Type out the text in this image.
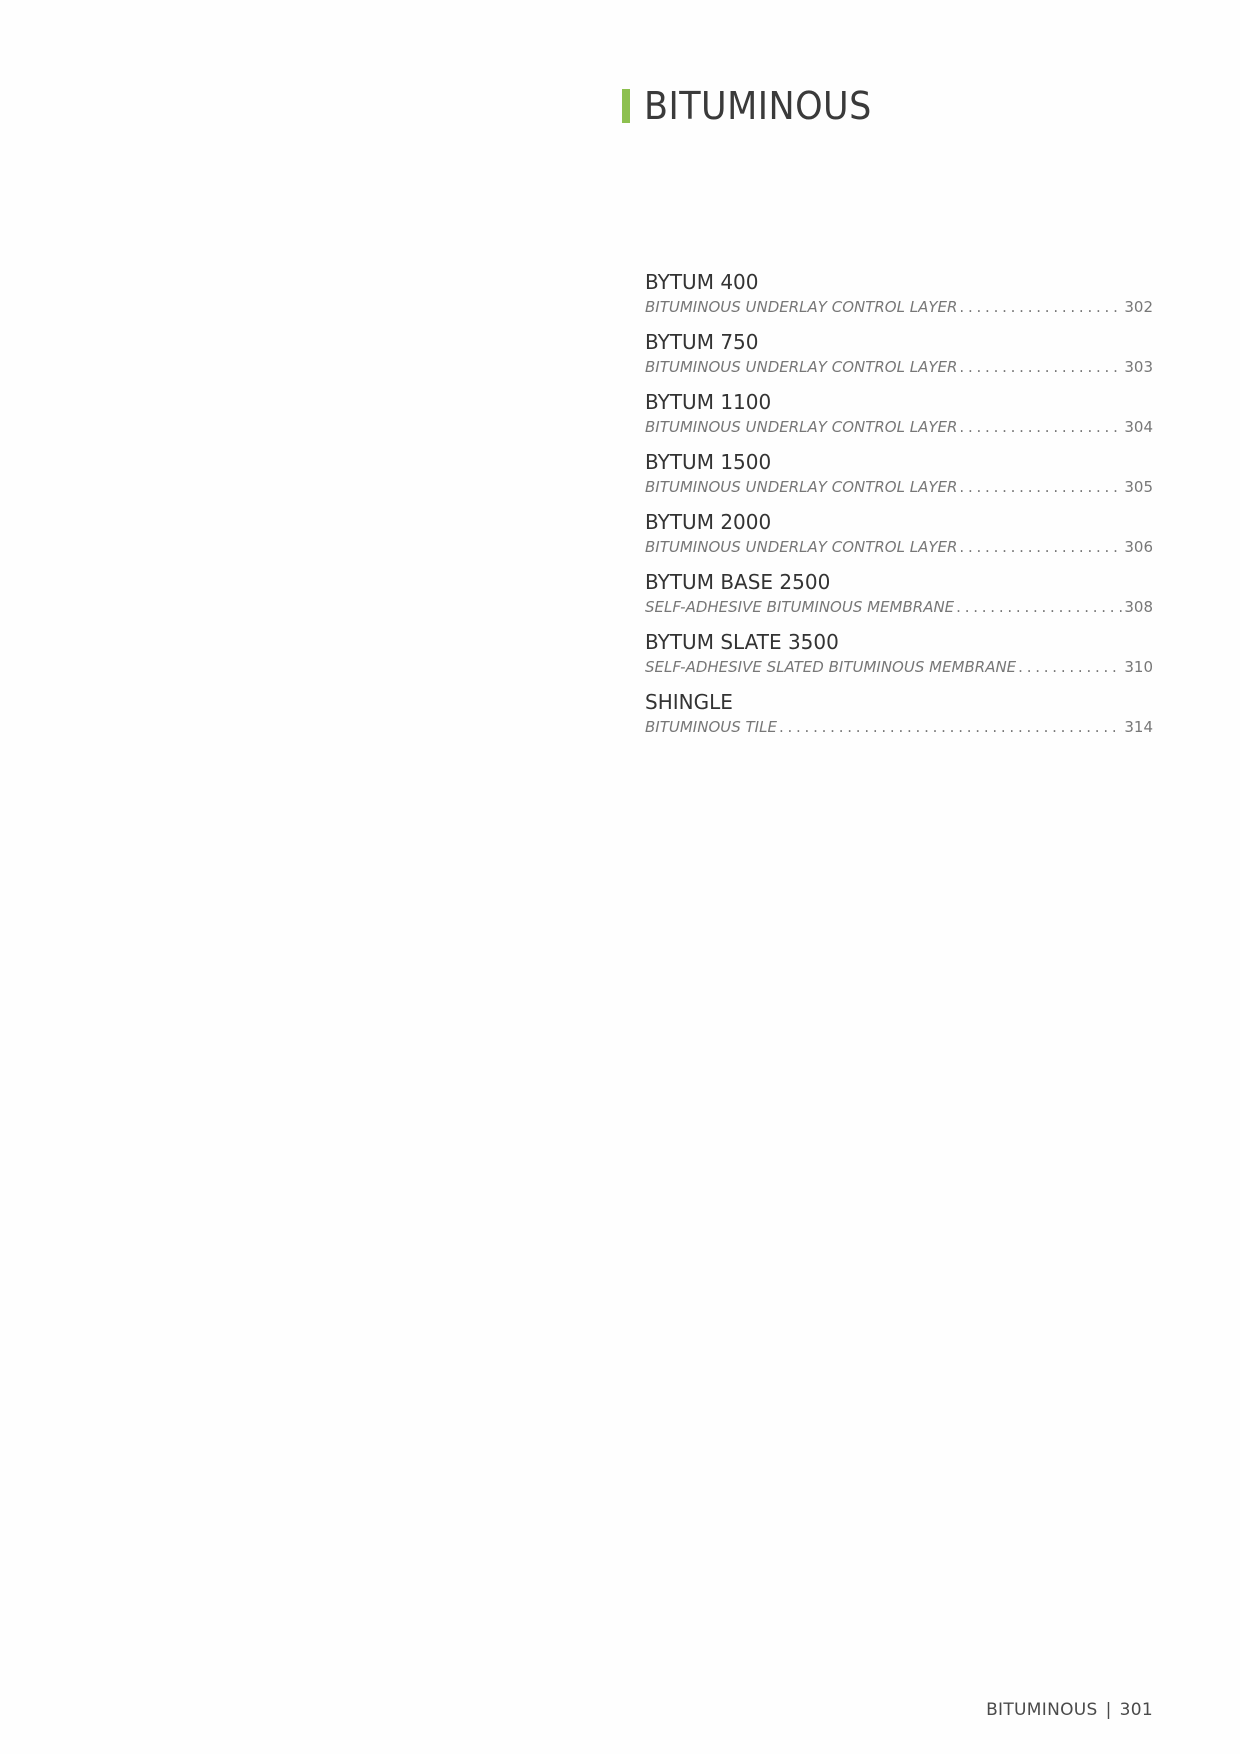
BITUMINOUS
BYTUM 400
BITUMINOUS UNDERLAY CONTROL LAYER . . .	302
BYTUM 750
BITUMINOUS UNDERLAY CONTROL LAYER . . .	303
BYTUM 1100
BITUMINOUS UNDERLAY CONTROL LAYER . . .	304
BYTUM 1500
BITUMINOUS UNDERLAY CONTROL LAYER . . .	305
BYTUM 2000
BITUMINOUS UNDERLAY CONTROL LAYER . . .	306
BYTUM BASE 2500
SELF-ADHESIVE BITUMINOUS MEMBRANE . . .	308
BYTUM SLATE 3500
SELF-ADHESIVE SLATED BITUMINOUS MEMBRANE . . .	310
SHINGLE
BITUMINOUS TILE . . .	314
BITUMINOUS | 301
